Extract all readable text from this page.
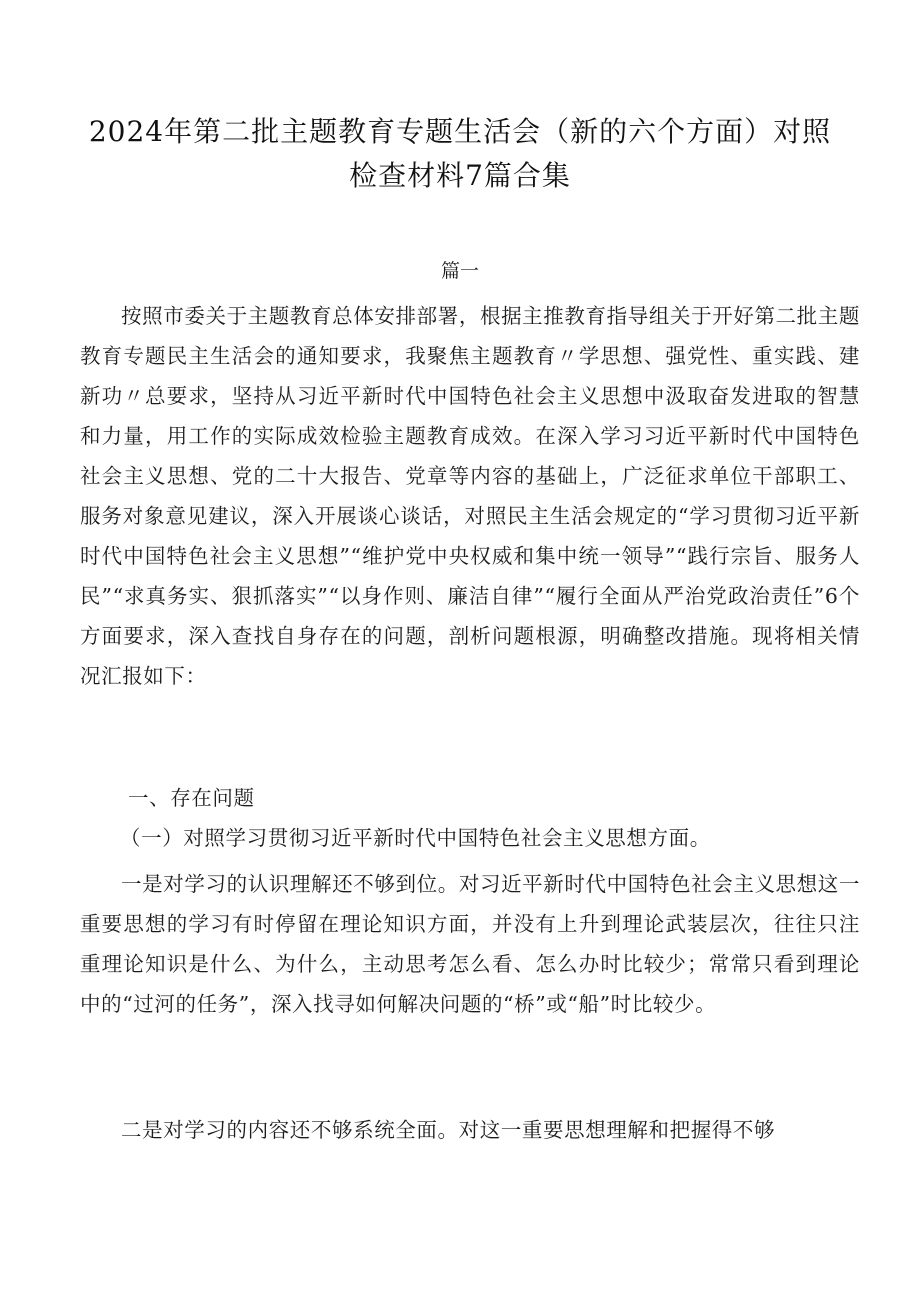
2024年第二批主题教育专题生活会（新的六个方面）对照
检查材料7篇合集
篇一

按照市委关于主题教育总体安排部署，根据主推教育指导组关于开好第二批主题教育专题民主生活会的通知要求，我聚焦主题教育〃学思想、强党性、重实践、建新功〃总要求，坚持从习近平新时代中国特色社会主义思想中汲取奋发进取的智慧和力量，用工作的实际成效检验主题教育成效。在深入学习习近平新时代中国特色社会主义思想、党的二十大报告、党章等内容的基础上，广泛征求单位干部职工、服务对象意见建议，深入开展谈心谈话，对照民主生活会规定的“学习贯彻习近平新时代中国特色社会主义思想”“维护党中央权威和集中统一领导”“践行宗旨、服务人民”“求真务实、狠抓落实”“以身作则、廉洁自律”“履行全面从严治党政治责任”6个方面要求，深入查找自身存在的问题，剖析问题根源，明确整改措施。现将相关情况汇报如下：

一、存在问题

（一）对照学习贯彻习近平新时代中国特色社会主义思想方面。

一是对学习的认识理解还不够到位。对习近平新时代中国特色社会主义思想这一重要思想的学习有时停留在理论知识方面，并没有上升到理论武装层次，往往只注重理论知识是什么、为什么，主动思考怎么看、怎么办时比较少；常常只看到理论中的“过河的任务”，深入找寻如何解决问题的“桥”或“船”时比较少。

二是对学习的内容还不够系统全面。对这一重要思想理解和把握得不够
